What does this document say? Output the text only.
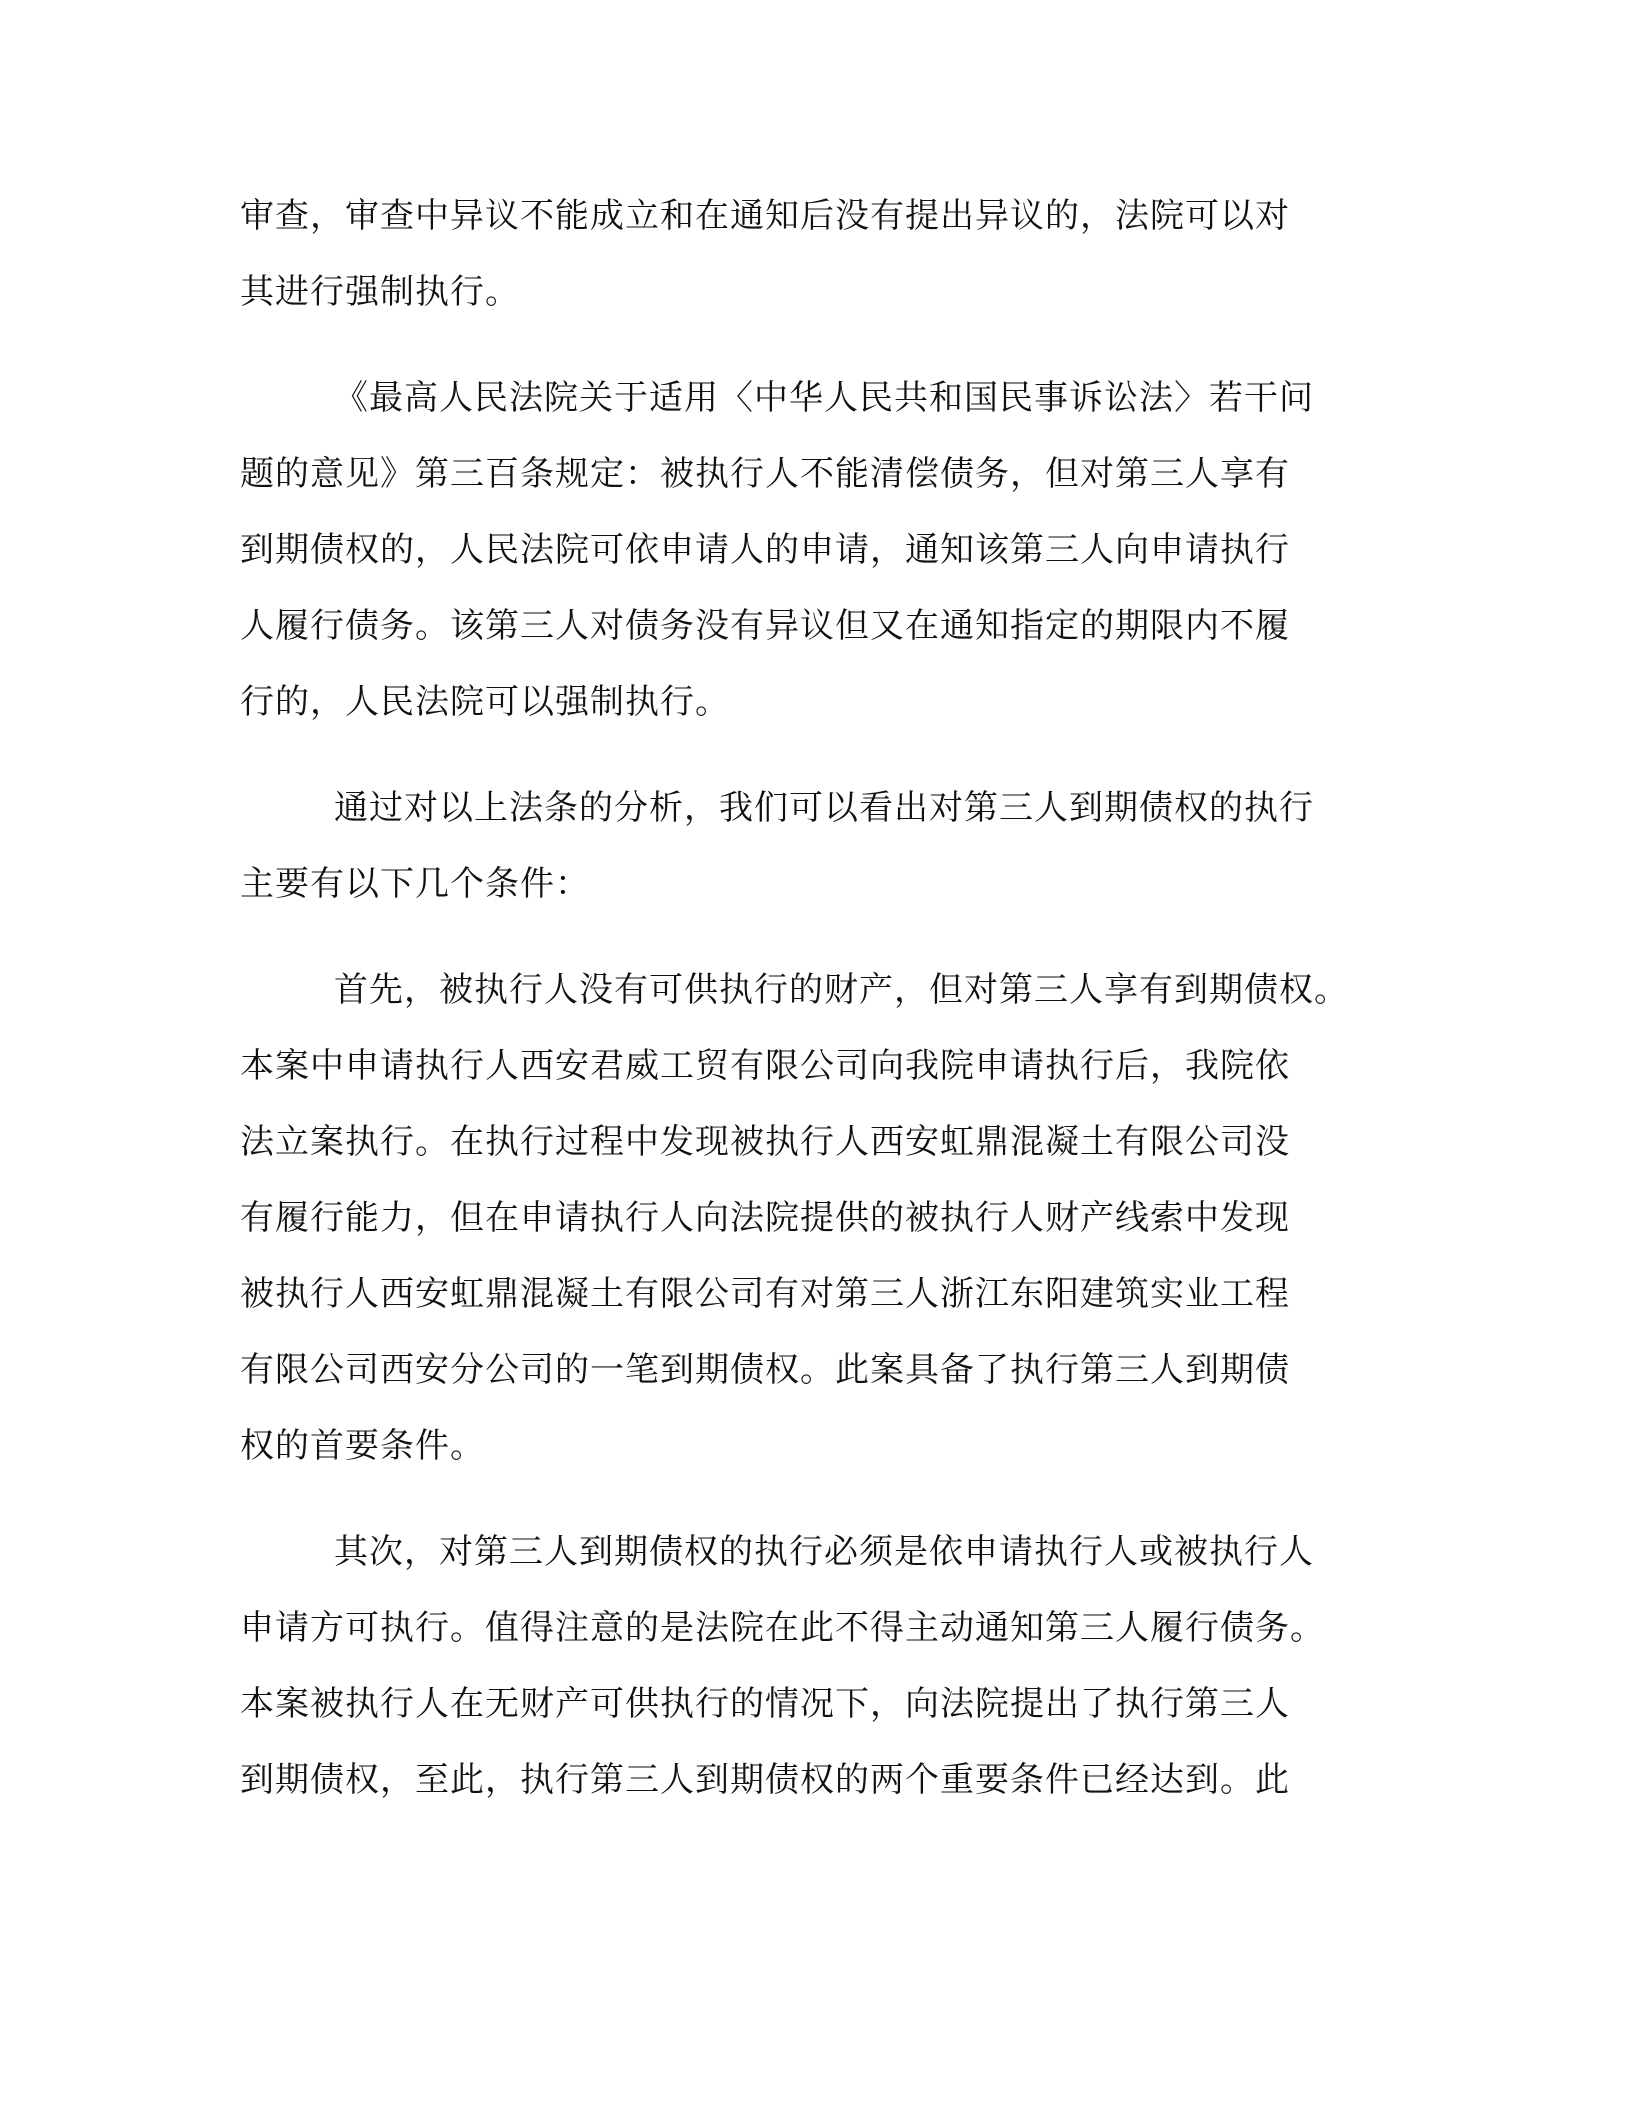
审查，审查中异议不能成立和在通知后没有提出异议的，法院可以对
其进行强制执行。
《最高人民法院关于适用〈中华人民共和国民事诉讼法〉若干问
题的意见》第三百条规定：被执行人不能清偿债务，但对第三人享有
到期债权的，人民法院可依申请人的申请，通知该第三人向申请执行
人履行债务。该第三人对债务没有异议但又在通知指定的期限内不履
行的，人民法院可以强制执行。
通过对以上法条的分析，我们可以看出对第三人到期债权的执行
主要有以下几个条件：
首先，被执行人没有可供执行的财产，但对第三人享有到期债权。
本案中申请执行人西安君威工贸有限公司向我院申请执行后，我院依
法立案执行。在执行过程中发现被执行人西安虹鼎混凝土有限公司没
有履行能力，但在申请执行人向法院提供的被执行人财产线索中发现
被执行人西安虹鼎混凝土有限公司有对第三人浙江东阳建筑实业工程
有限公司西安分公司的一笔到期债权。此案具备了执行第三人到期债
权的首要条件。
其次，对第三人到期债权的执行必须是依申请执行人或被执行人
申请方可执行。值得注意的是法院在此不得主动通知第三人履行债务。
本案被执行人在无财产可供执行的情况下，向法院提出了执行第三人
到期债权，至此，执行第三人到期债权的两个重要条件已经达到。此
